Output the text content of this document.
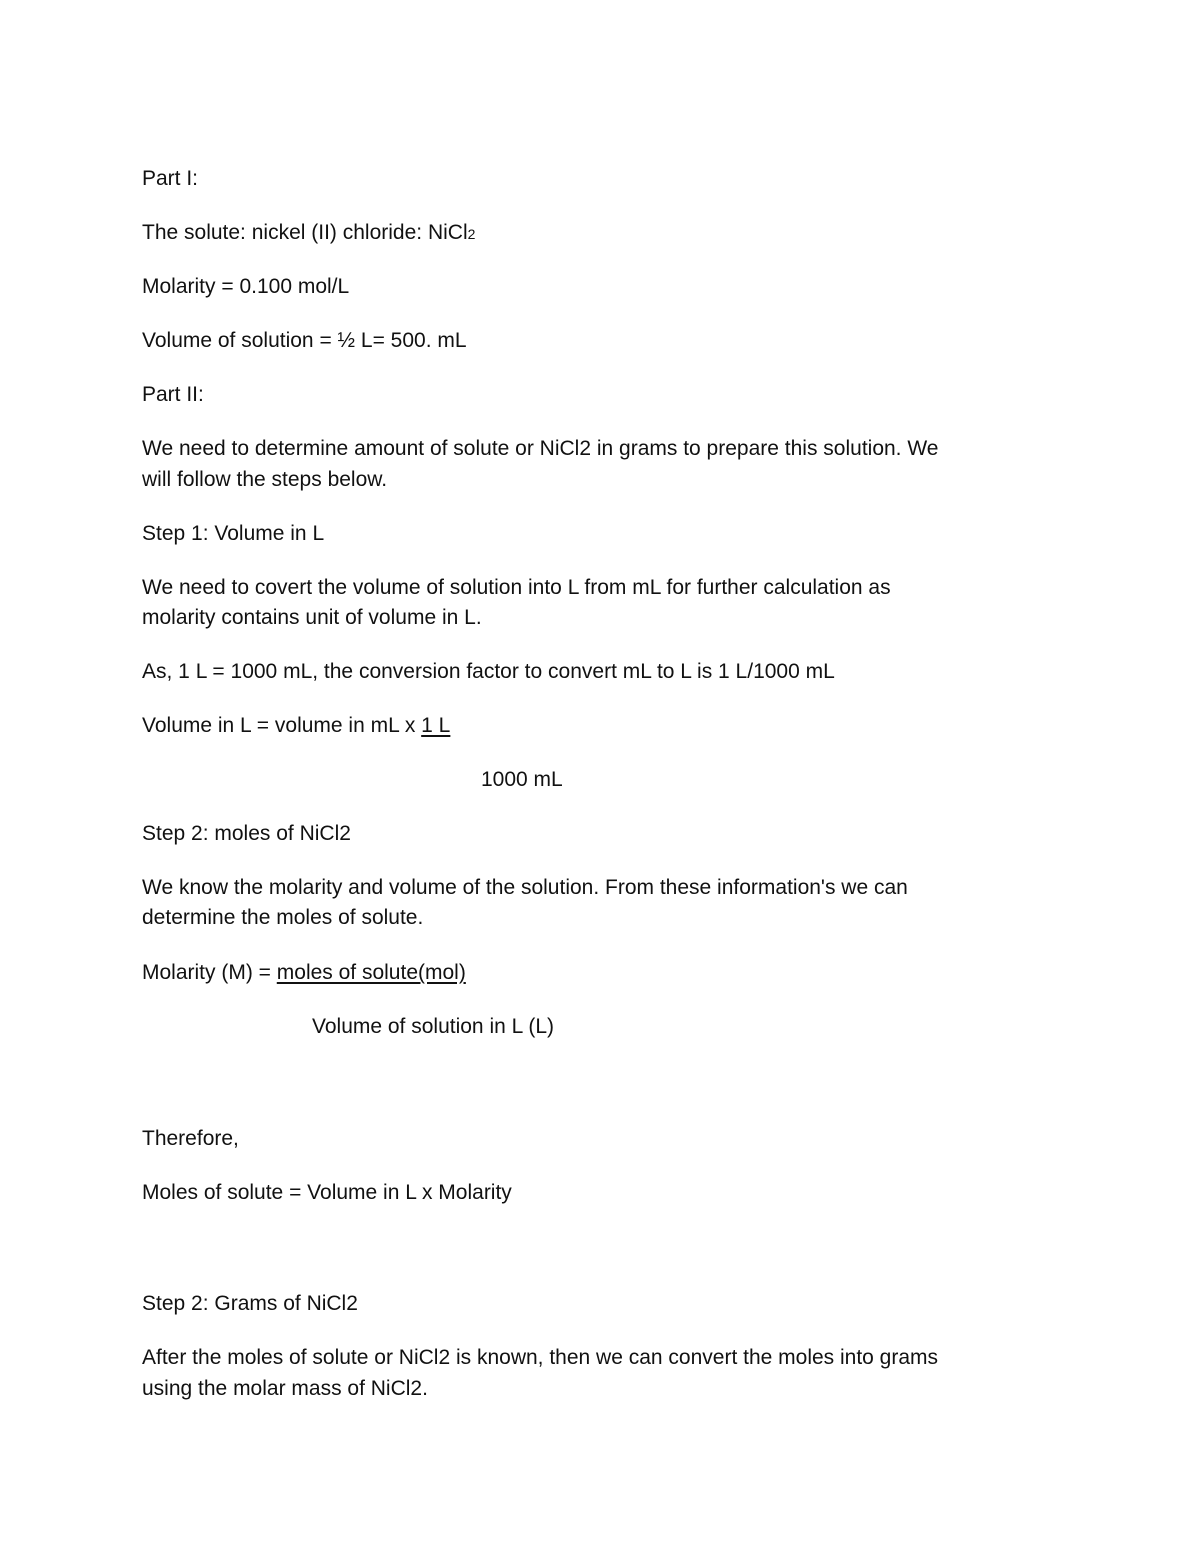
Part I:

The solute: nickel (II) chloride: NiCl2

Molarity = 0.100 mol/L

Volume of solution = ½ L= 500. mL

Part II:

We need to determine amount of solute or NiCl2 in grams to prepare this solution. We

will follow the steps below.

Step 1: Volume in L

We need to covert the volume of solution into L from mL for further calculation as

molarity contains unit of volume in L.

As, 1 L = 1000 mL, the conversion factor to convert mL to L is 1 L/1000 mL

Volume in L = volume in mL x 1 L

1000 mL

Step 2: moles of NiCl2

We know the molarity and volume of the solution. From these information's we can

determine the moles of solute.

Molarity (M) = moles of solute(mol)

Volume of solution in L (L)

Therefore,

Moles of solute = Volume in L x Molarity

Step 2: Grams of NiCl2

After the moles of solute or NiCl2 is known, then we can convert the moles into grams

using the molar mass of NiCl2.
